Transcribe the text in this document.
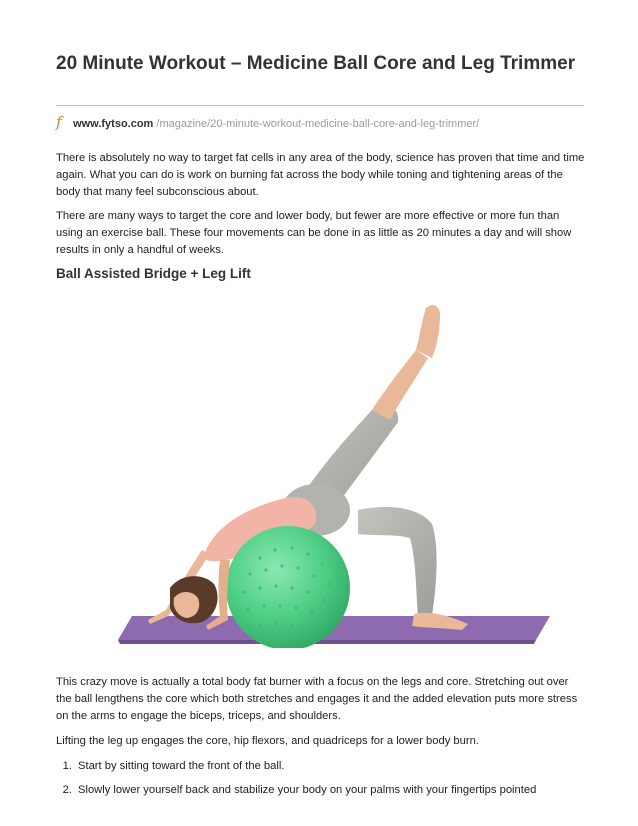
20 Minute Workout – Medicine Ball Core and Leg Trimmer
f www.fytso.com /magazine/20-minute-workout-medicine-ball-core-and-leg-trimmer/

There is absolutely no way to target fat cells in any area of the body, science has proven that time and time again. What you can do is work on burning fat across the body while toning and tightening areas of the body that many feel subconscious about.

There are many ways to target the core and lower body, but fewer are more effective or more fun than using an exercise ball. These four movements can be done in as little as 20 minutes a day and will show results in only a handful of weeks.

Ball Assisted Bridge + Leg Lift

This crazy move is actually a total body fat burner with a focus on the legs and core. Stretching out over the ball lengthens the core which both stretches and engages it and the added elevation puts more stress on the arms to engage the biceps, triceps, and shoulders.

Lifting the leg up engages the core, hip flexors, and quadriceps for a lower body burn.

1. Start by sitting toward the front of the ball.
2. Slowly lower yourself back and stabilize your body on your palms with your fingertips pointed
